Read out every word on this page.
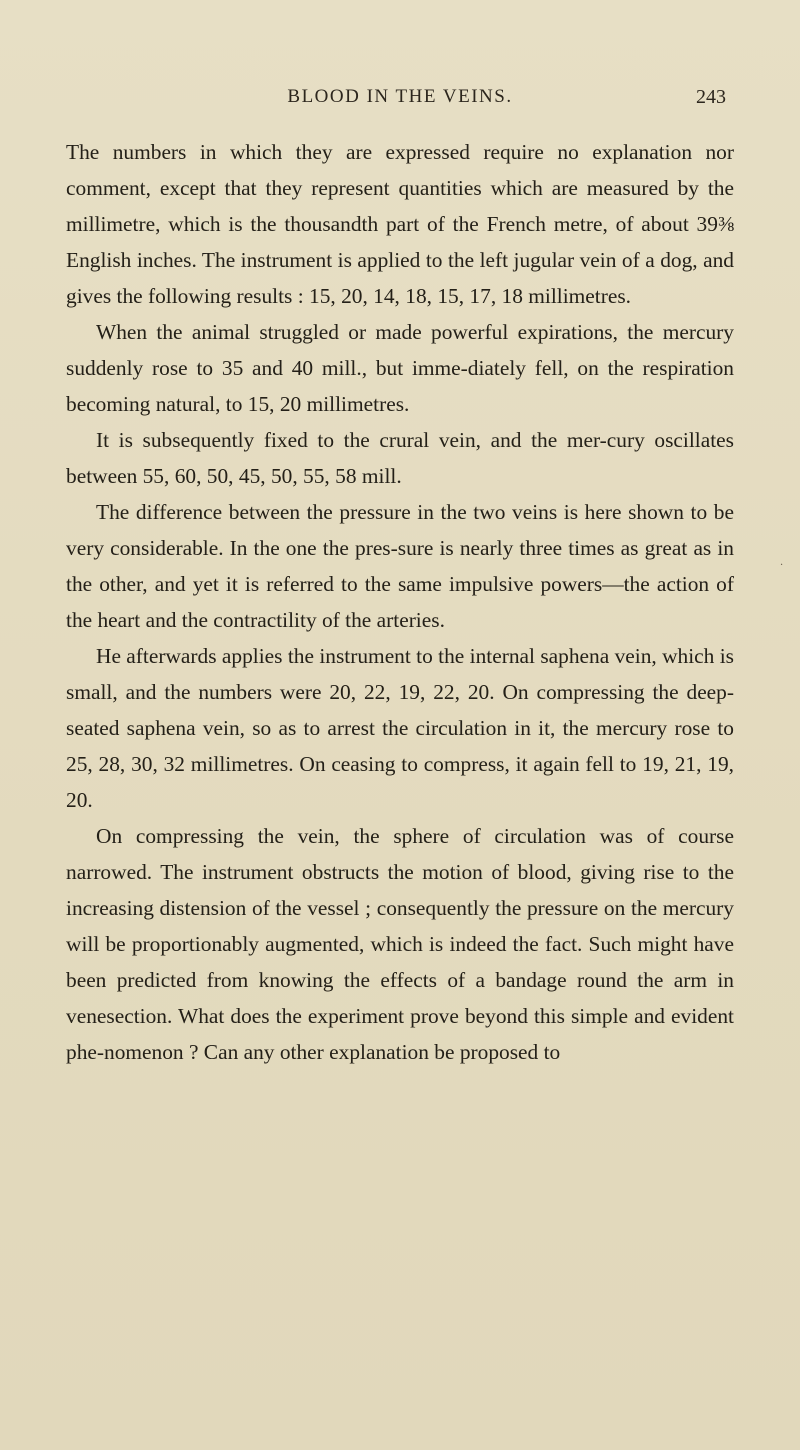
BLOOD IN THE VEINS.	243

The numbers in which they are expressed require no explanation nor comment, except that they represent quantities which are measured by the millimetre, which is the thousandth part of the French metre, of about 39⅜ English inches. The instrument is applied to the left jugular vein of a dog, and gives the following results : 15, 20, 14, 18, 15, 17, 18 millimetres.

When the animal struggled or made powerful expirations, the mercury suddenly rose to 35 and 40 mill., but imme-diately fell, on the respiration becoming natural, to 15, 20 millimetres.

It is subsequently fixed to the crural vein, and the mer-cury oscillates between 55, 60, 50, 45, 50, 55, 58 mill.

The difference between the pressure in the two veins is here shown to be very considerable. In the one the pres-sure is nearly three times as great as in the other, and yet it is referred to the same impulsive powers—the action of the heart and the contractility of the arteries.

He afterwards applies the instrument to the internal saphena vein, which is small, and the numbers were 20, 22, 19, 22, 20. On compressing the deep-seated saphena vein, so as to arrest the circulation in it, the mercury rose to 25, 28, 30, 32 millimetres. On ceasing to compress, it again fell to 19, 21, 19, 20.

On compressing the vein, the sphere of circulation was of course narrowed. The instrument obstructs the motion of blood, giving rise to the increasing distension of the vessel ; consequently the pressure on the mercury will be proportionably augmented, which is indeed the fact. Such might have been predicted from knowing the effects of a bandage round the arm in venesection. What does the experiment prove beyond this simple and evident phe-nomenon ? Can any other explanation be proposed to

·
